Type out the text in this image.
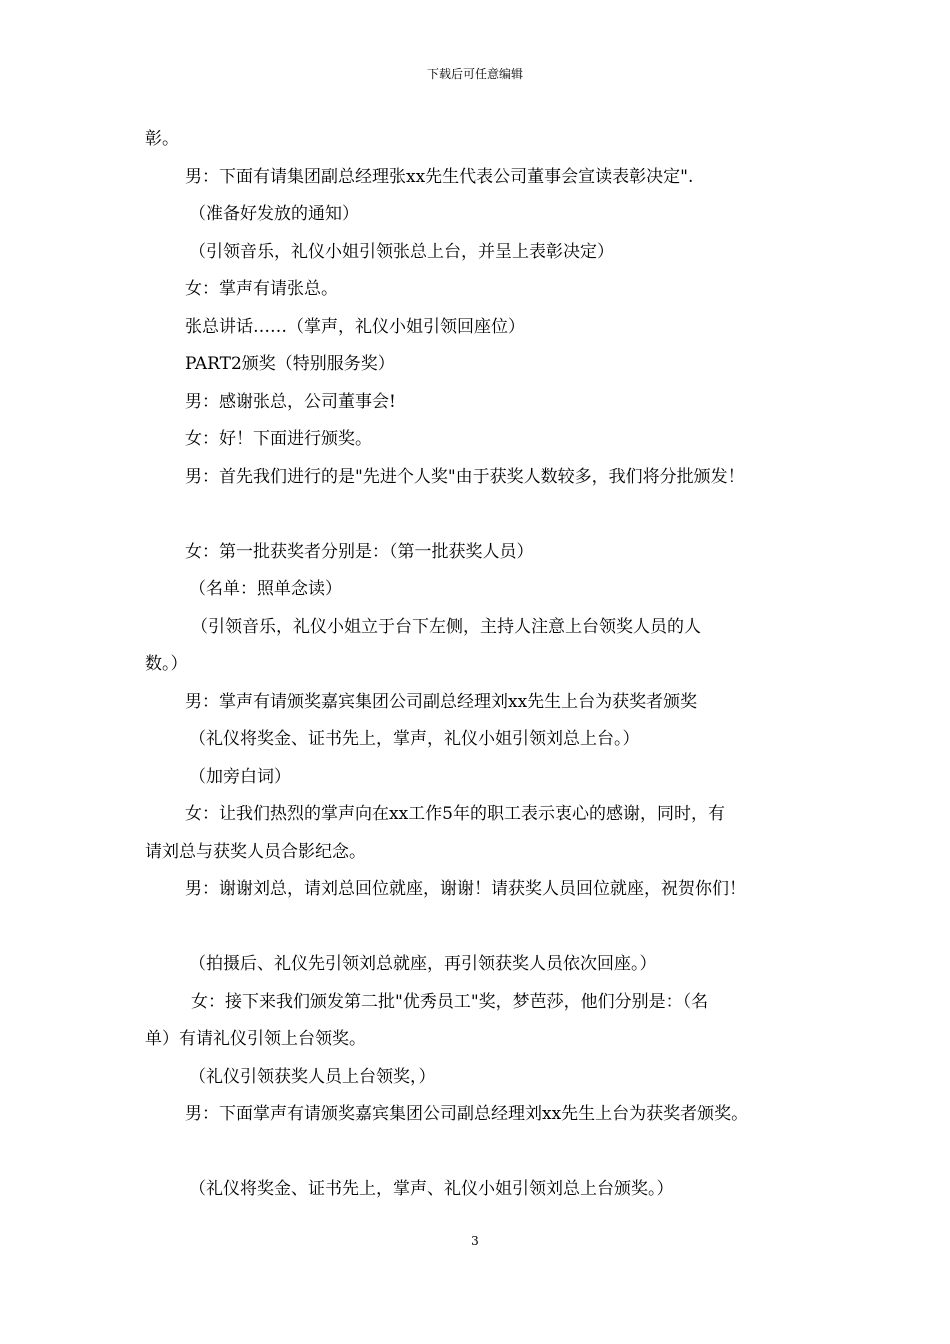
下载后可任意编辑
彰。
男：下面有请集团副总经理张xx先生代表公司董事会宣读表彰决定".
（准备好发放的通知）
（引领音乐，礼仪小姐引领张总上台，并呈上表彰决定）
女：掌声有请张总。
张总讲话……（掌声，礼仪小姐引领回座位）
PART2颁奖（特别服务奖）
男：感谢张总，公司董事会!
女：好！下面进行颁奖。
男：首先我们进行的是"先进个人奖"由于获奖人数较多，我们将分批颁发！
女：第一批获奖者分别是：（第一批获奖人员）
（名单：照单念读）
（引领音乐，礼仪小姐立于台下左侧，主持人注意上台领奖人员的人
数。）
男：掌声有请颁奖嘉宾集团公司副总经理刘xx先生上台为获奖者颁奖
（礼仪将奖金、证书先上，掌声，礼仪小姐引领刘总上台。）
（加旁白词）
女：让我们热烈的掌声向在xx工作5年的职工表示衷心的感谢，同时，有
请刘总与获奖人员合影纪念。
男：谢谢刘总，请刘总回位就座，谢谢！请获奖人员回位就座，祝贺你们！
（拍摄后、礼仪先引领刘总就座，再引领获奖人员依次回座。）
女：接下来我们颁发第二批"优秀员工"奖，梦芭莎，他们分别是：（名
单）有请礼仪引领上台领奖。
（礼仪引领获奖人员上台领奖，）
男：下面掌声有请颁奖嘉宾集团公司副总经理刘xx先生上台为获奖者颁奖。
（礼仪将奖金、证书先上，掌声、礼仪小姐引领刘总上台颁奖。）
3
